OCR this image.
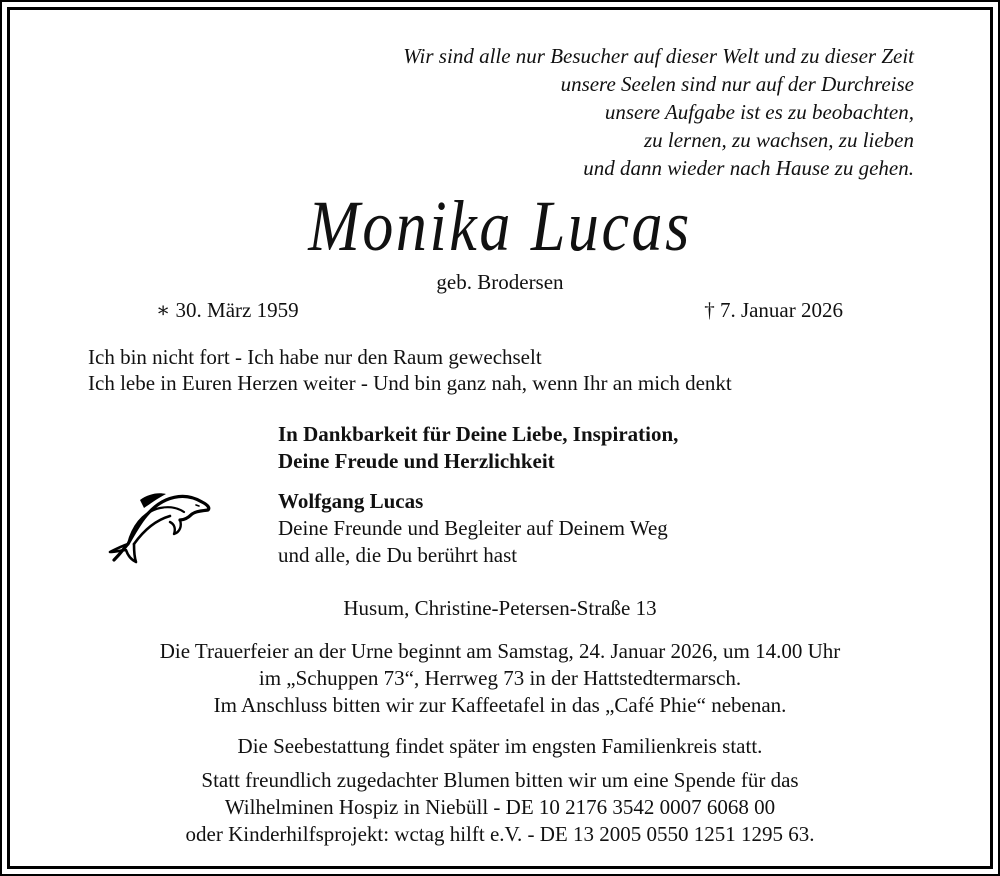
Wir sind alle nur Besucher auf dieser Welt und zu dieser Zeit
unsere Seelen sind nur auf der Durchreise
unsere Aufgabe ist es zu beobachten,
zu lernen, zu wachsen, zu lieben
und dann wieder nach Hause zu gehen.
Monika Lucas
geb. Brodersen
∗ 30. März 1959	† 7. Januar 2026
Ich bin nicht fort - Ich habe nur den Raum gewechselt
Ich lebe in Euren Herzen weiter - Und bin ganz nah, wenn Ihr an mich denkt
In Dankbarkeit für Deine Liebe, Inspiration,
Deine Freude und Herzlichkeit
Wolfgang Lucas
Deine Freunde und Begleiter auf Deinem Weg
und alle, die Du berührt hast
Husum, Christine-Petersen-Straße 13
Die Trauerfeier an der Urne beginnt am Samstag, 24. Januar 2026, um 14.00 Uhr
im „Schuppen 73“, Herrweg 73 in der Hattstedtermarsch.
Im Anschluss bitten wir zur Kaffeetafel in das „Café Phie“ nebenan.
Die Seebestattung findet später im engsten Familienkreis statt.
Statt freundlich zugedachter Blumen bitten wir um eine Spende für das
Wilhelminen Hospiz in Niebüll - DE 10 2176 3542 0007 6068 00
oder Kinderhilfsprojekt: wctag hilft e.V. - DE 13 2005 0550 1251 1295 63.
